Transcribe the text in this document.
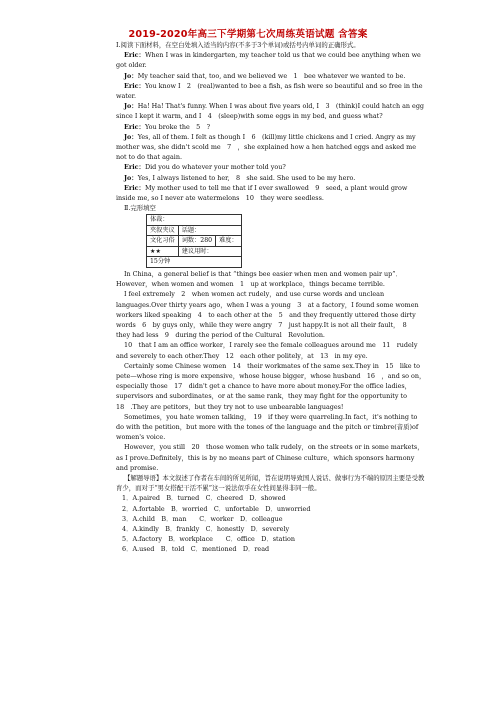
2019-2020年高三下学期第七次周练英语试题 含答案

Ⅰ.阅读下面材料，在空白处填入适当的内容(不多于3个单词)或括号内单词的正确形式。

Eric：When I was in kindergarten, my teacher told us that we could bee anything when we got older.

Jo：My teacher said that, too, and we believed we　1　bee whatever we wanted to be.

Eric：You know I　2　(real)wanted to bee a fish, as fish were so beautiful and so free in the water.

Jo：Ha! Ha! That's funny. When I was about five years old, I　3　(think)I could hatch an egg since I kept it warm, and I　4　(sleep)with some eggs in my bed, and guess what?

Eric：You broke the　5　?

Jo：Yes, all of them. I felt as though I　6　(kill)my little chickens and I cried. Angry as my mother was, she didn't scold me　7　，she explained how a hen hatched eggs and asked me not to do that again.

Eric：Did you do whatever your mother told you?

Jo：Yes, I always listened to her,　8　she said. She used to be my hero.

Eric：My mother used to tell me that if I ever swallowed　9　seed, a plant would grow inside me, so I never ate watermelons　10　they were seedless.

Ⅱ.完形填空

体裁：		
夹叙夹议	话题：	
文化习俗	词数：280	难度：
★★	建议用时：	
15分钟		

In China，a general belief is that “things bee easier when men and women pair up”．However，when women and women　1　up at workplace，things became terrible.

I feel extremely　2　when women act rudely，and use curse words and unclean languages.Over thirty years ago，when I was a young　3　at a factory，I found some women workers liked speaking　4　to each other at the　5　and they frequently uttered those dirty words　6　by guys only，while they were angry　7　just happy.It is not all their fault，　8　they had less　9　during the period of the Cultural　Revolution.

10　that I am an office worker，I rarely see the female colleagues around me　11　rudely and severely to each other.They　12　each other politely，at　13　in my eye.

Certainly some Chinese women　14　their workmates of the same sex.They in　15　like to pete—whose ring is more expensive，whose house bigger，whose husband　16　，and so on，especially those　17　didn't get a chance to have more about money.For the office ladies，supervisors and subordinates，or at the same rank，they may fight for the opportunity to　18　.They are petitors，but they try not to use unbearable languages!

Sometimes，you hate women talking，　19　if they were quarreling.In fact，it's nothing to do with the petition，but more with the tones of the language and the pitch or timbre(音质)of women's voice.

However，you still　20　those women who talk rudely，on the streets or in some markets，as I prove.Definitely，this is by no means part of Chinese culture，which sponsors harmony and promise.

【解题导语】本文叙述了作者在车间的所见所闻，旨在说明导致国人说话、做事行为不端的原因主要是受教育少，而对于“男女搭配干活不累”这一说法似乎在女性间显得非同一般。

1．A.paired　B．turned　C．cheered　D．showed

2．A.fortable　B．worried　C．unfortable　D．unworried

3．A.child　B．man　　C．worker　D．colleague

4．A.kindly　B．frankly　C．honestly　D．severely

5．A.factory　B．workplace　　C．office　D．station

6．A.used　B．told　C．mentioned　D．read
